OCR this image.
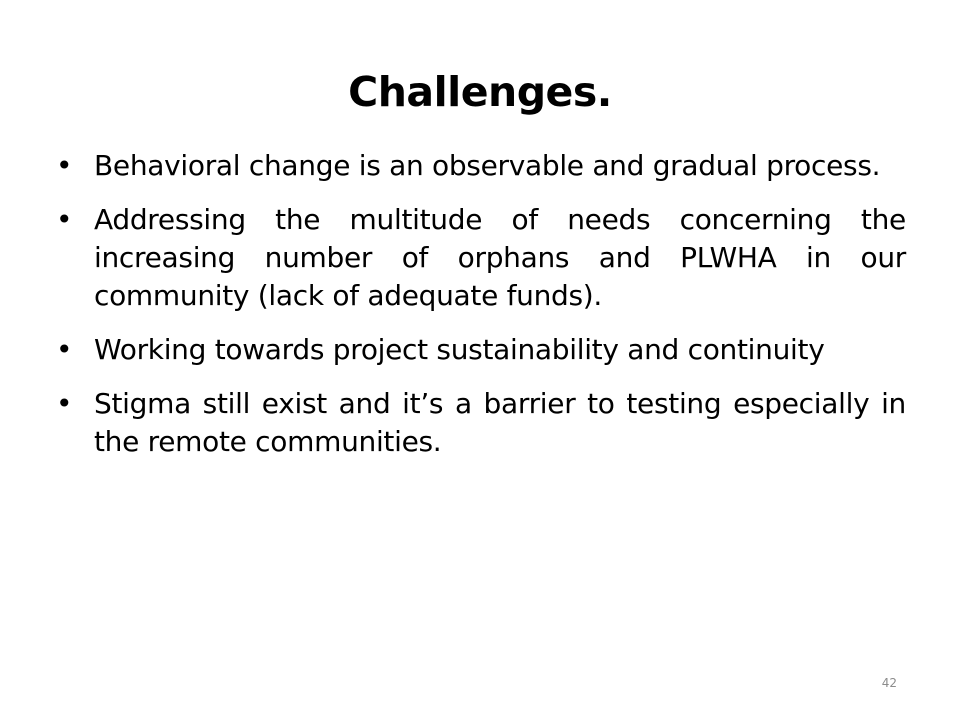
Challenges.
• Behavioral change is an observable and gradual process.
• Addressing the multitude of needs concerning the increasing number of orphans and PLWHA in our community (lack of adequate funds).
• Working towards project sustainability and continuity
• Stigma still exist and it’s a barrier to testing especially in the remote communities.
42
